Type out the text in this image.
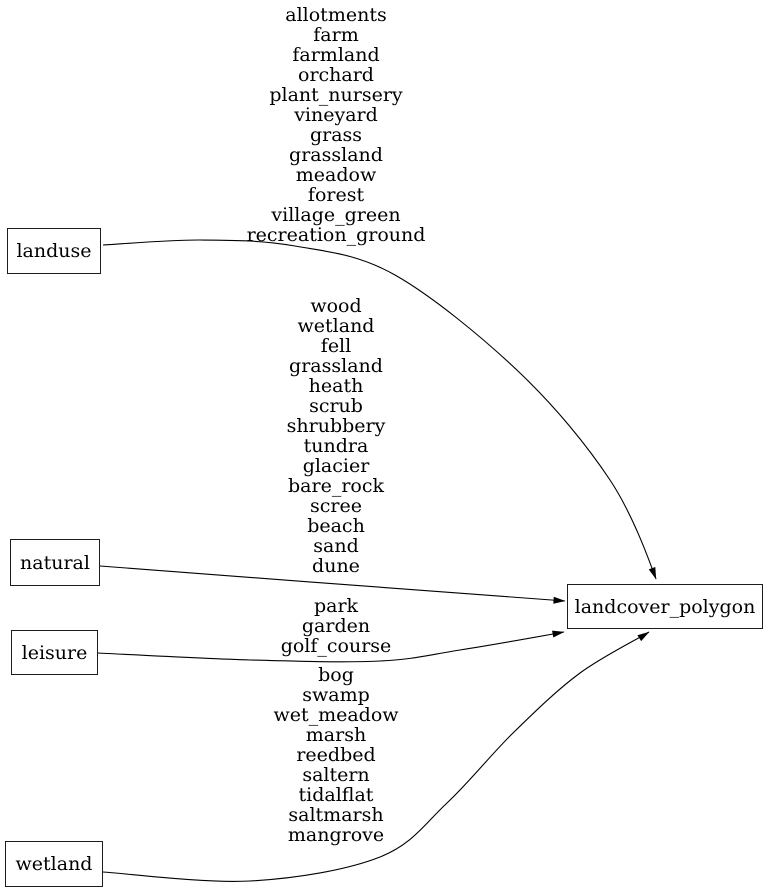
allotments
farm
farmland
orchard
plant_nursery
vineyard
grass
grassland
meadow
forest
village_green
recreation_ground
wood
wetland
fell
grassland
heath
scrub
shrubbery
tundra
glacier
bare_rock
scree
beach
sand
dune
park
garden
golf_course
bog
swamp
wet_meadow
marsh
reedbed
saltern
tidalflat
saltmarsh
mangrove
landuse
natural
leisure
wetland
landcover_polygon
